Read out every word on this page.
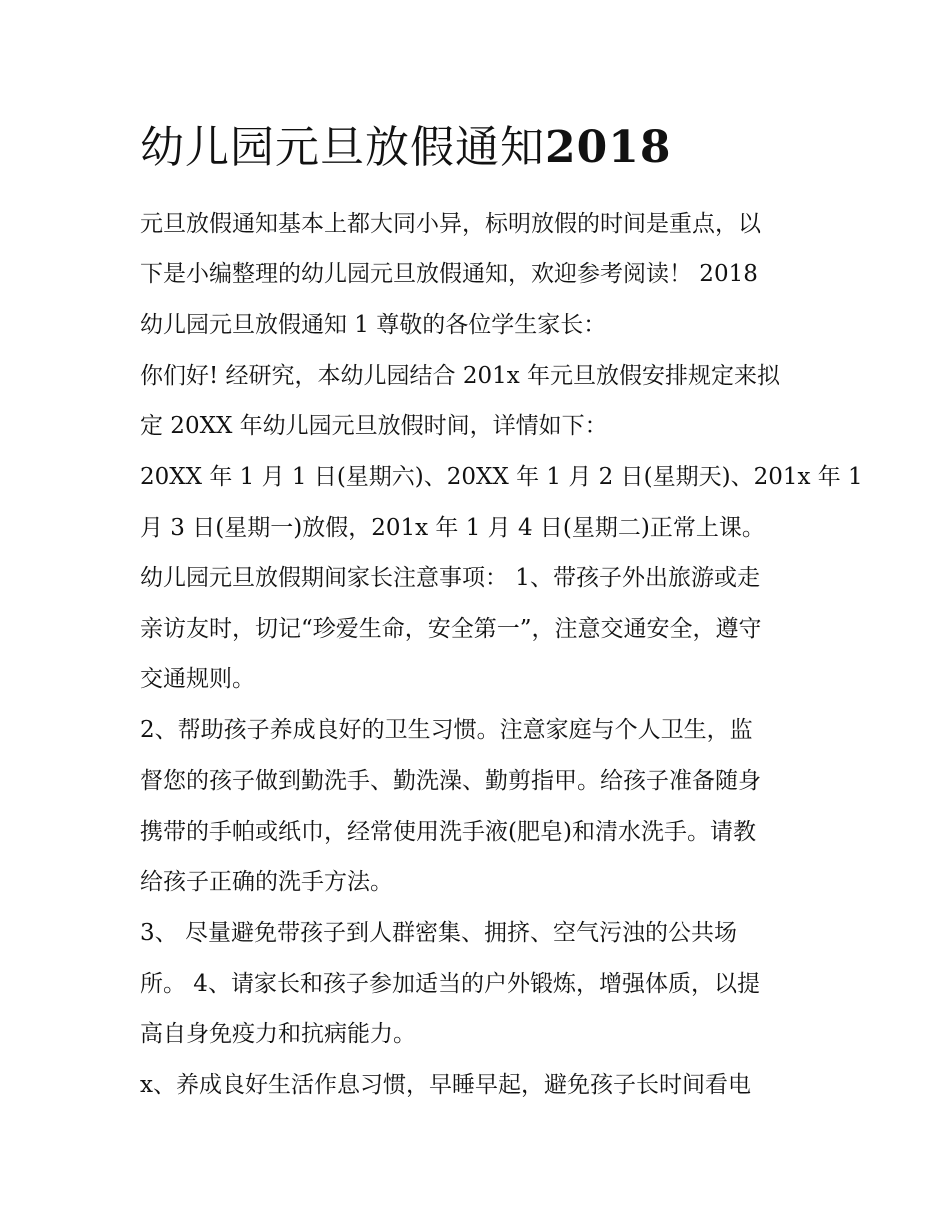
幼儿园元旦放假通知2018

元旦放假通知基本上都大同小异，标明放假的时间是重点，以

下是小编整理的幼儿园元旦放假通知，欢迎参考阅读！ 2018

幼儿园元旦放假通知 1 尊敬的各位学生家长：

你们好! 经研究，本幼儿园结合 201x 年元旦放假安排规定来拟

定 20XX 年幼儿园元旦放假时间，详情如下：

20XX 年 1 月 1 日(星期六)、20XX 年 1 月 2 日(星期天)、201x 年 1

月 3 日(星期一)放假，201x 年 1 月 4 日(星期二)正常上课。

幼儿园元旦放假期间家长注意事项： 1、带孩子外出旅游或走

亲访友时，切记“珍爱生命，安全第一”，注意交通安全，遵守

交通规则。

2、帮助孩子养成良好的卫生习惯。注意家庭与个人卫生，监

督您的孩子做到勤洗手、勤洗澡、勤剪指甲。给孩子准备随身

携带的手帕或纸巾，经常使用洗手液(肥皂)和清水洗手。请教

给孩子正确的洗手方法。

3、 尽量避免带孩子到人群密集、拥挤、空气污浊的公共场

所。 4、请家长和孩子参加适当的户外锻炼，增强体质，以提

高自身免疫力和抗病能力。

x、养成良好生活作息习惯，早睡早起，避免孩子长时间看电
